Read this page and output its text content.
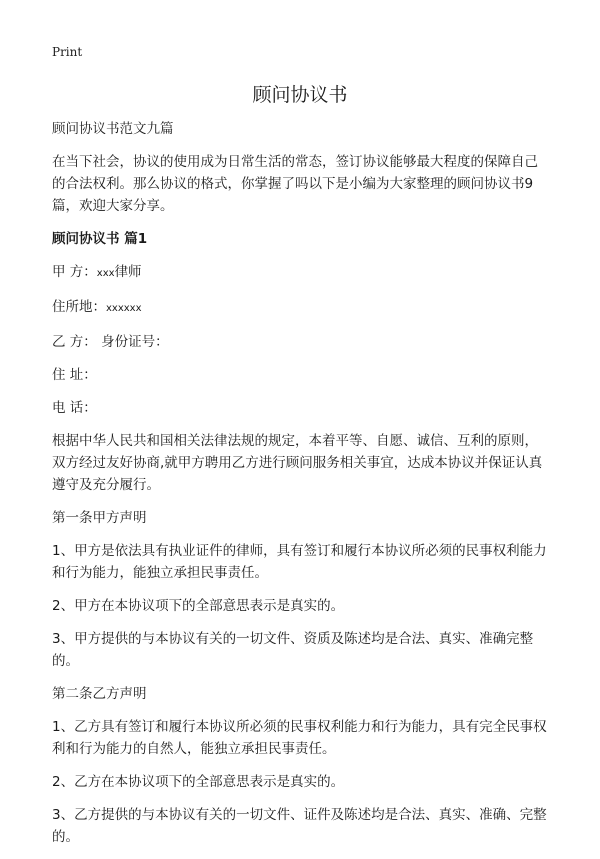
Print
顾问协议书

顾问协议书范文九篇

在当下社会，协议的使用成为日常生活的常态，签订协议能够最大程度的保障自己的合法权利。那么协议的格式，你掌握了吗以下是小编为大家整理的顾问协议书9篇，欢迎大家分享。

顾问协议书 篇1

甲 方：xxx律师

住所地：xxxxxx

乙 方： 身份证号：

住 址：

电 话：

根据中华人民共和国相关法律法规的规定，本着平等、自愿、诚信、互利的原则，双方经过友好协商,就甲方聘用乙方进行顾问服务相关事宜，达成本协议并保证认真遵守及充分履行。

第一条甲方声明

1、甲方是依法具有执业证件的律师，具有签订和履行本协议所必须的民事权利能力和行为能力，能独立承担民事责任。

2、甲方在本协议项下的全部意思表示是真实的。

3、甲方提供的与本协议有关的一切文件、资质及陈述均是合法、真实、准确完整的。

第二条乙方声明

1、乙方具有签订和履行本协议所必须的民事权利能力和行为能力，具有完全民事权利和行为能力的自然人，能独立承担民事责任。

2、乙方在本协议项下的全部意思表示是真实的。

3、乙方提供的与本协议有关的一切文件、证件及陈述均是合法、真实、准确、完整的。
